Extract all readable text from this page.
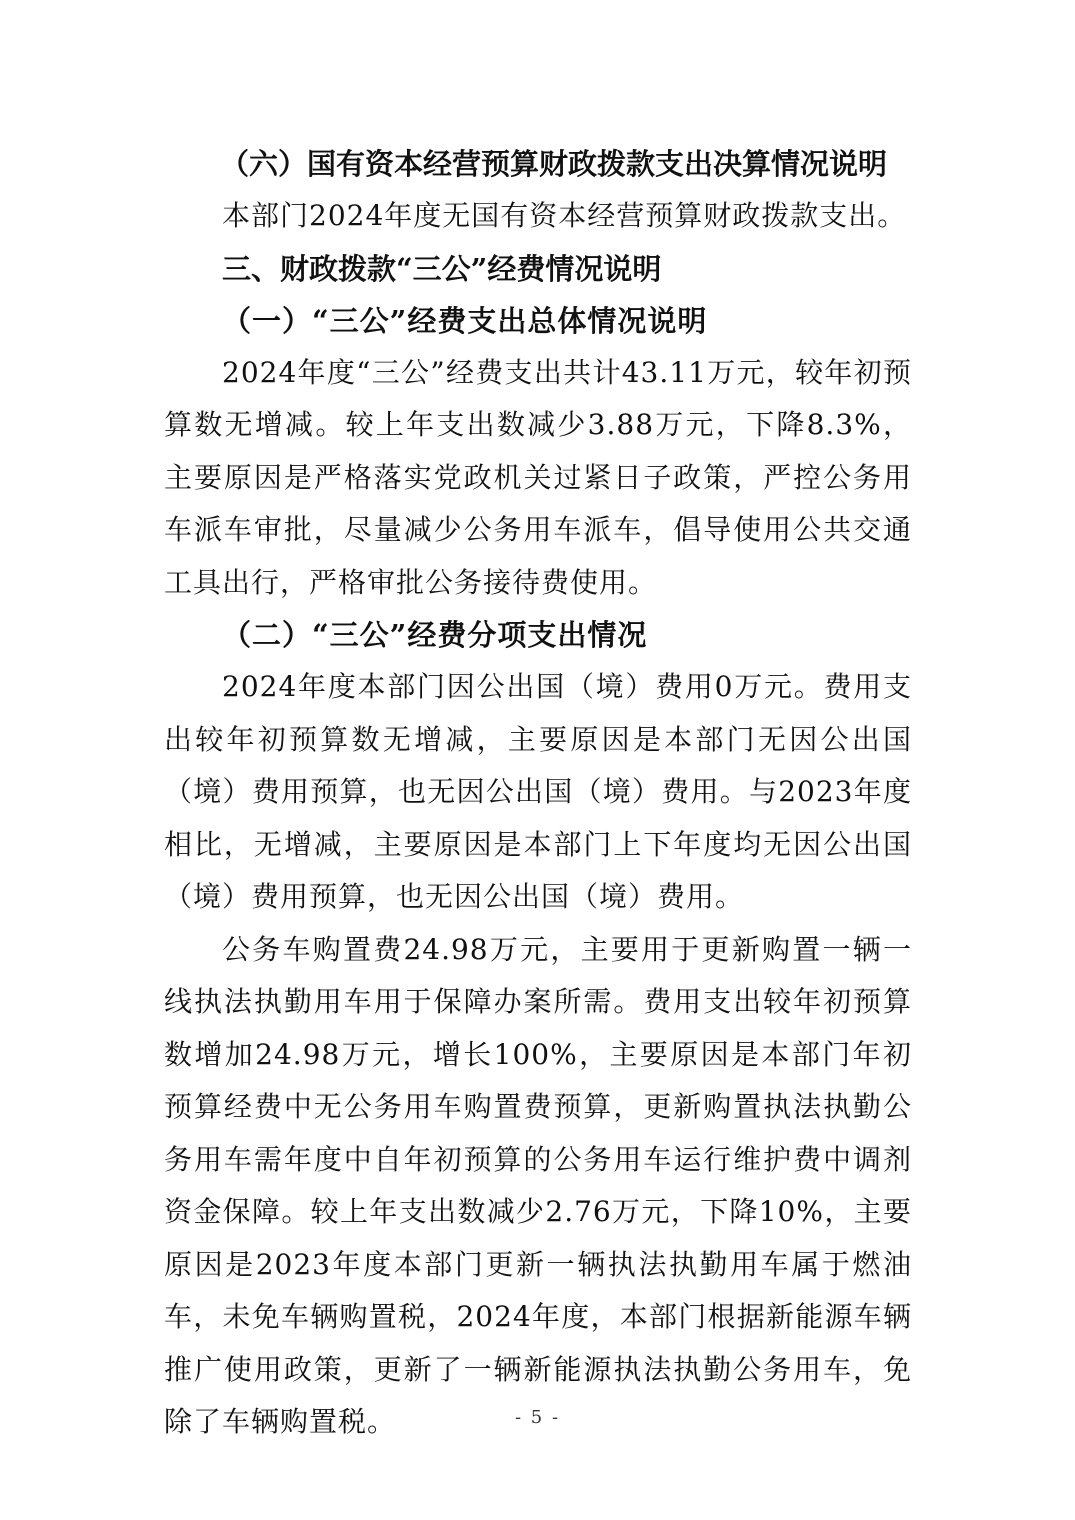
（六）国有资本经营预算财政拨款支出决算情况说明

本部门2024年度无国有资本经营预算财政拨款支出。

三、财政拨款“三公”经费情况说明
（一）“三公”经费支出总体情况说明

2024年度“三公”经费支出共计43.11万元，较年初预算数无增减。较上年支出数减少3.88万元，下降8.3%，主要原因是严格落实党政机关过紧日子政策，严控公务用车派车审批，尽量减少公务用车派车，倡导使用公共交通工具出行，严格审批公务接待费使用。

（二）“三公”经费分项支出情况

2024年度本部门因公出国（境）费用0万元。费用支出较年初预算数无增减，主要原因是本部门无因公出国（境）费用预算，也无因公出国（境）费用。与2023年度相比，无增减，主要原因是本部门上下年度均无因公出国（境）费用预算，也无因公出国（境）费用。

公务车购置费24.98万元，主要用于更新购置一辆一线执法执勤用车用于保障办案所需。费用支出较年初预算数增加24.98万元，增长100%，主要原因是本部门年初预算经费中无公务用车购置费预算，更新购置执法执勤公务用车需年度中自年初预算的公务用车运行维护费中调剂资金保障。较上年支出数减少2.76万元，下降10%，主要原因是2023年度本部门更新一辆执法执勤用车属于燃油车，未免车辆购置税，2024年度，本部门根据新能源车辆推广使用政策，更新了一辆新能源执法执勤公务用车，免除了车辆购置税。	- 5 -
